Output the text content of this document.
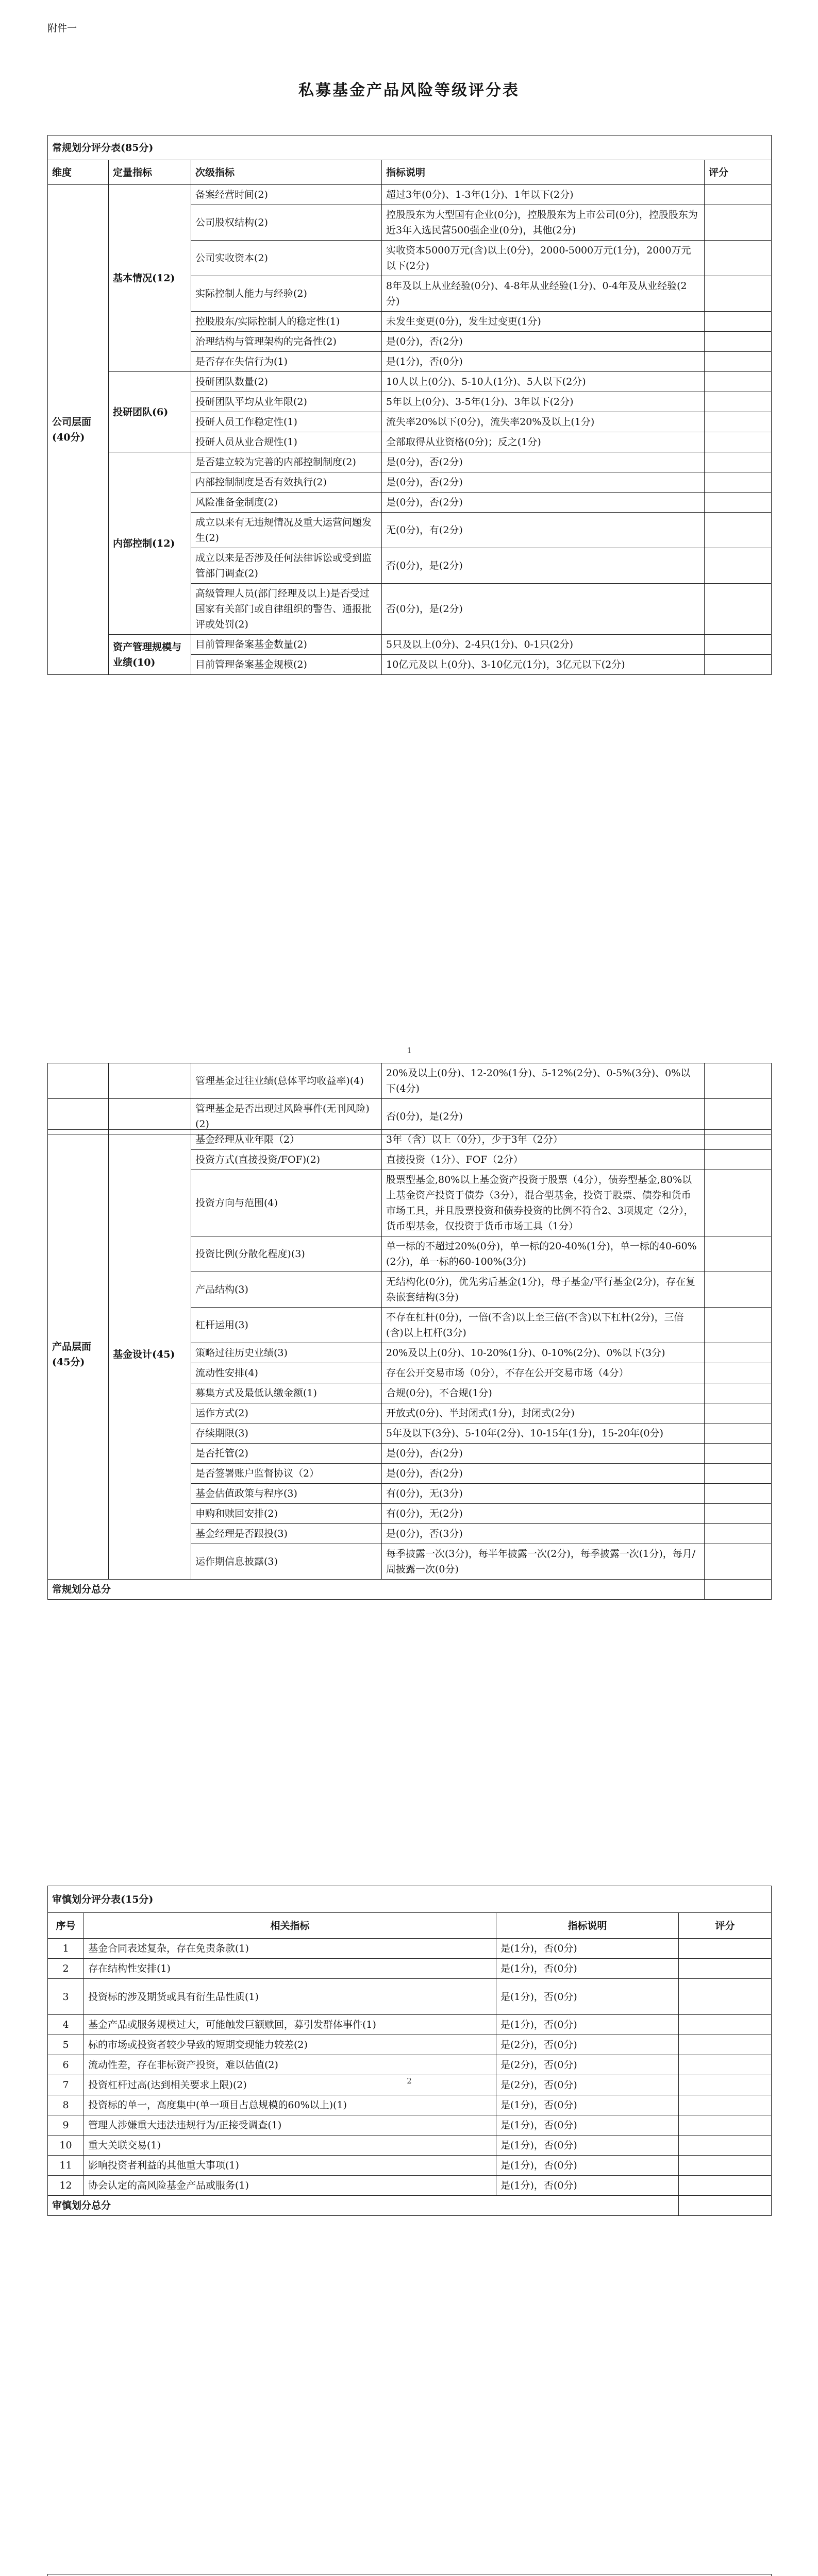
附件一
私募基金产品风险等级评分表
常规划分评分表(85分)				
维度	定量指标	次级指标	指标说明	评分
公司层面(40分)	基本情况(12)	备案经营时间(2)	超过3年(0分)、1-3年(1分)、1年以下(2分)	
		公司股权结构(2)	控股股东为大型国有企业(0分)，控股股东为上市公司(0分)，控股股东为近3年入选民营500强企业(0分)，其他(2分)	
		公司实收资本(2)	实收资本5000万元(含)以上(0分)，2000-5000万元(1分)，2000万元以下(2分)	
		实际控制人能力与经验(2)	8年及以上从业经验(0分)、4-8年从业经验(1分)、0-4年及从业经验(2分)	
		控股股东/实际控制人的稳定性(1)	未发生变更(0分)，发生过变更(1分)	
		治理结构与管理架构的完备性(2)	是(0分)，否(2分)	
		是否存在失信行为(1)	是(1分)，否(0分)	
	投研团队(6)	投研团队数量(2)	10人以上(0分)、5-10人(1分)、5人以下(2分)	
		投研团队平均从业年限(2)	5年以上(0分)、3-5年(1分)、3年以下(2分)	
		投研人员工作稳定性(1)	流失率20%以下(0分)，流失率20%及以上(1分)	
		投研人员从业合规性(1)	全部取得从业资格(0分)；反之(1分)	
	内部控制(12)	是否建立较为完善的内部控制制度(2)	是(0分)，否(2分)	
		内部控制制度是否有效执行(2)	是(0分)，否(2分)	
		风险准备金制度(2)	是(0分)，否(2分)	
		成立以来有无违规情况及重大运营问题发生(2)	无(0分)，有(2分)	
		成立以来是否涉及任何法律诉讼或受到监管部门调查(2)	否(0分)，是(2分)	
		高级管理人员(部门经理及以上)是否受过国家有关部门或自律组织的警告、通报批评或处罚(2)	否(0分)，是(2分)	
	资产管理规模与业绩(10)	目前管理备案基金数量(2)	5只及以上(0分)、2-4只(1分)、0-1只(2分)	
		目前管理备案基金规模(2)	10亿元及以上(0分)、3-10亿元(1分)，3亿元以下(2分)	
		管理基金过往业绩(总体平均收益率)(4)	20%及以上(0分)、12-20%(1分)、5-12%(2分)、0-5%(3分)、0%以下(4分)	
		管理基金是否出现过风险事件(无刊风险)(2)	否(0分)，是(2分)	
产品层面(45分)	基金设计(45)	基金经理从业年限（2）	3年（含）以上（0分），少于3年（2分）	
		投资方式(直接投资/FOF)(2)	直接投资（1分）、FOF（2分）	
		投资方向与范围(4)	股票型基金,80%以上基金资产投资于股票（4分），债券型基金,80%以上基金资产投资于债券（3分），混合型基金，投资于股票、债券和货币市场工具，并且股票投资和债券投资的比例不符合2、3项规定（2分），货币型基金，仅投资于货币市场工具（1分）	
		投资比例(分散化程度)(3)	单一标的不超过20%(0分)，单一标的20-40%(1分)，单一标的40-60%(2分)，单一标的60-100%(3分)	
		产品结构(3)	无结构化(0分)，优先劣后基金(1分)，母子基金/平行基金(2分)，存在复杂嵌套结构(3分)	
		杠杆运用(3)	不存在杠杆(0分)，一倍(不含)以上至三倍(不含)以下杠杆(2分)，三倍(含)以上杠杆(3分)	
		策略过往历史业绩(3)	20%及以上(0分)、10-20%(1分)、0-10%(2分)、0%以下(3分)	
		流动性安排(4)	存在公开交易市场（0分），不存在公开交易市场（4分）	
		募集方式及最低认缴金额(1)	合规(0分)，不合规(1分)	
		运作方式(2)	开放式(0分)、半封闭式(1分)，封闭式(2分)	
		存续期限(3)	5年及以下(3分)、5-10年(2分)、10-15年(1分)，15-20年(0分)	
		是否托管(2)	是(0分)，否(2分)	
		是否签署账户监督协议（2）	是(0分)，否(2分)	
		基金估值政策与程序(3)	有(0分)，无(3分)	
		申购和赎回安排(2)	有(0分)，无(2分)	
		基金经理是否跟投(3)	是(0分)，否(3分)	
		运作期信息披露(3)	每季披露一次(3分)，每半年披露一次(2分)，每季披露一次(1分)，每月/周披露一次(0分)	
常规划分总分				
1
2
审慎划分评分表(15分)			
序号	相关指标	指标说明	评分
1	基金合同表述复杂，存在免责条款(1)	是(1分)，否(0分)	
2	存在结构性安排(1)	是(1分)，否(0分)	
3	投资标的涉及期货或具有衍生品性质(1)	是(1分)，否(0分)	
4	基金产品或服务规模过大，可能触发巨额赎回，募引发群体事件(1)	是(1分)，否(0分)	
5	标的市场或投资者较少导致的短期变现能力较差(2)	是(2分)，否(0分)	
6	流动性差，存在非标资产投资，难以估值(2)	是(2分)，否(0分)	
7	投资杠杆过高(达到相关要求上限)(2)	是(2分)，否(0分)	
8	投资标的单一，高度集中(单一项目占总规模的60%以上)(1)	是(1分)，否(0分)	
9	管理人涉嫌重大违法违规行为/正接受调查(1)	是(1分)，否(0分)	
10	重大关联交易(1)	是(1分)，否(0分)	
11	影响投资者利益的其他重大事项(1)	是(1分)，否(0分)	
12	协会认定的高风险基金产品或服务(1)	是(1分)，否(0分)	
审慎划分总分			
